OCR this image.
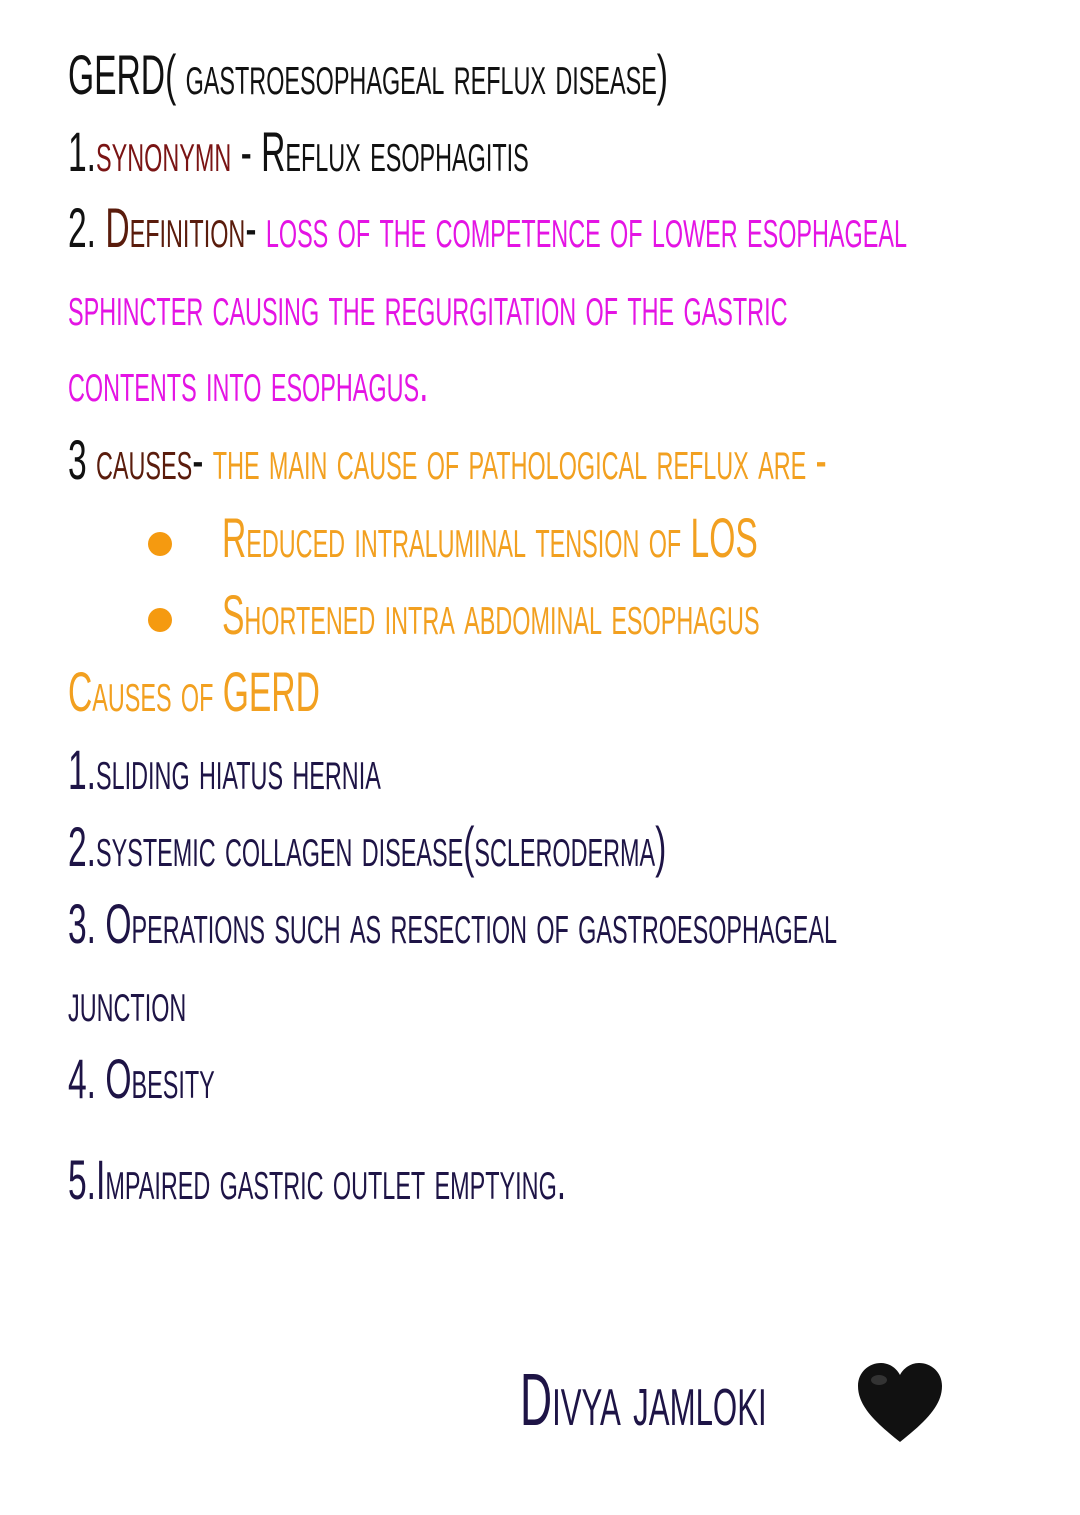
GERD( gastroesophageal reflux disease)
1.synonymn - Reflux esophagitis
2. Definition- loss of the competence of lower esophageal
sphincter causing the regurgitation of the gastric
contents into esophagus.
3 causes- the main cause of pathological reflux are -
Reduced intraluminal tension of LOS
Shortened intra abdominal esophagus
Causes of GERD
1.sliding hiatus hernia
2.systemic collagen disease(scleroderma)
3. Operations such as resection of gastroesophageal
junction
4. Obesity
5.Impaired gastric outlet emptying.
Divya jamloki
